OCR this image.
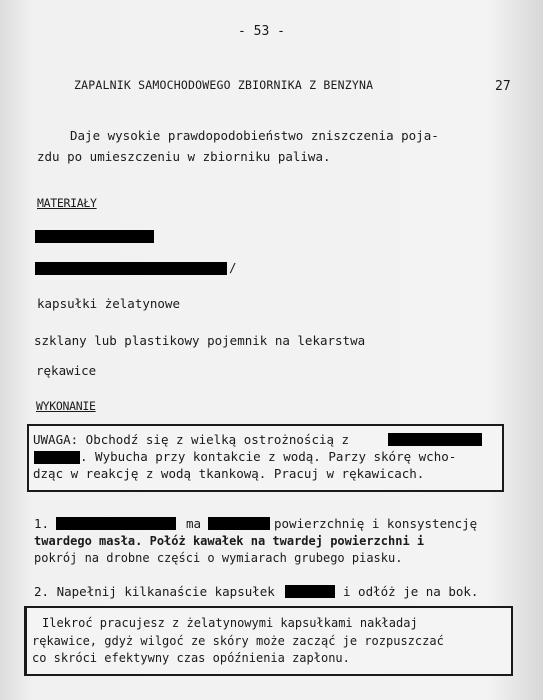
- 53 -
ZAPALNIK SAMOCHODOWEGO ZBIORNIKA Z BENZYNA	27
Daje wysokie prawdopodobieństwo zniszczenia poja-
zdu po umieszczeniu w zbiorniku paliwa.
MATERIAŁY
/
kapsułki żelatynowe
szklany lub plastikowy pojemnik na lekarstwa
rękawice
WYKONANIE
UWAGA: Obchodź się z wielką ostrożnością z
. Wybucha przy kontakcie z wodą. Parzy skórę wcho-
dząc w reakcję z wodą tkankową. Pracuj w rękawicach.
1.	ma	powierzchnię i konsystencję
twardego masła. Połóż kawałek na twardej powierzchni i
pokrój na drobne części o wymiarach grubego piasku.
2. Napełnij kilkanaście kapsułek	i odłóż je na bok.
Ilekroć pracujesz z żelatynowymi kapsułkami nakładaj
rękawice, gdyż wilgoć ze skóry może zacząć je rozpuszczać
co skróci efektywny czas opóźnienia zapłonu.
